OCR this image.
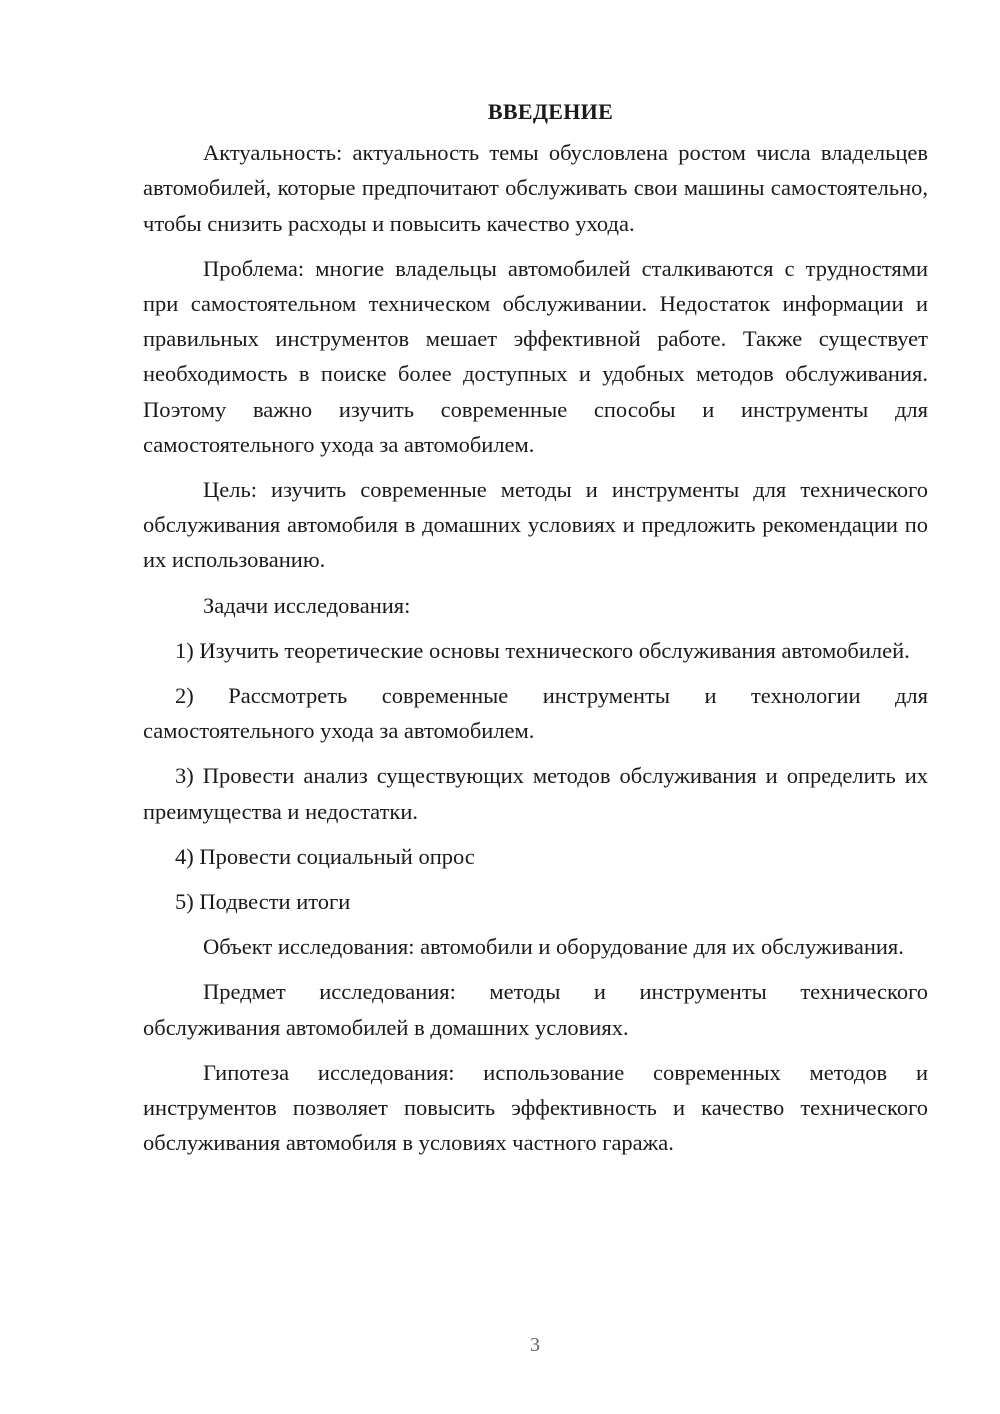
ВВЕДЕНИЕ

Актуальность: актуальность темы обусловлена ростом числа владельцев автомобилей, которые предпочитают обслуживать свои машины самостоятельно, чтобы снизить расходы и повысить качество ухода.

Проблема: многие владельцы автомобилей сталкиваются с трудностями при самостоятельном техническом обслуживании. Недостаток информации и правильных инструментов мешает эффективной работе. Также существует необходимость в поиске более доступных и удобных методов обслуживания. Поэтому важно изучить современные способы и инструменты для самостоятельного ухода за автомобилем.

Цель: изучить современные методы и инструменты для технического обслуживания автомобиля в домашних условиях и предложить рекомендации по их использованию.

Задачи исследования:

1) Изучить теоретические основы технического обслуживания автомобилей.

2) Рассмотреть современные инструменты и технологии для самостоятельного ухода за автомобилем.

3) Провести анализ существующих методов обслуживания и определить их преимущества и недостатки.

4) Провести социальный опрос

5) Подвести итоги

Объект исследования: автомобили и оборудование для их обслуживания.

Предмет исследования: методы и инструменты технического обслуживания автомобилей в домашних условиях.

Гипотеза исследования: использование современных методов и инструментов позволяет повысить эффективность и качество технического обслуживания автомобиля в условиях частного гаража.

3
